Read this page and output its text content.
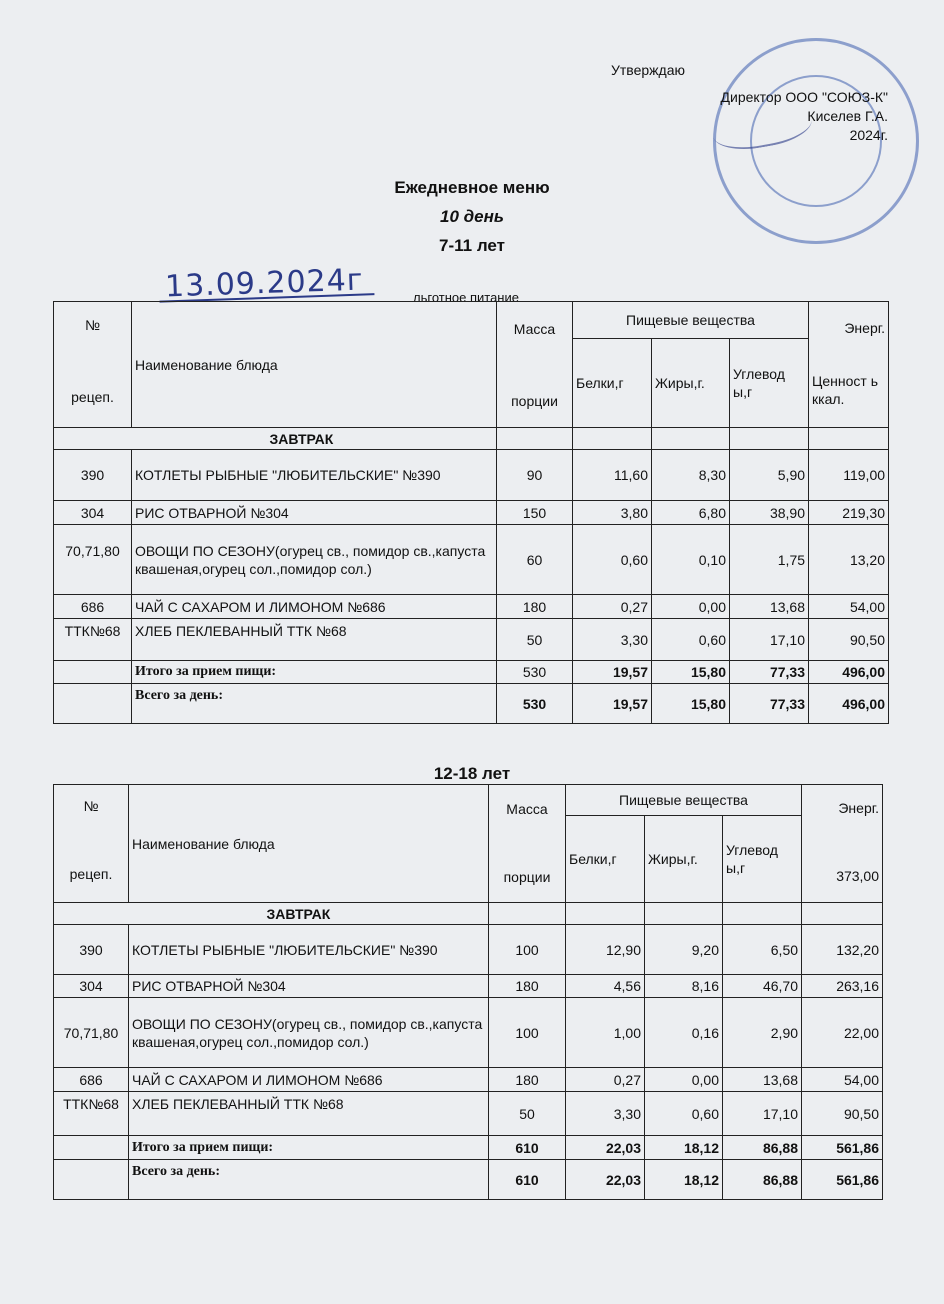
Утверждаю
Директор ООО "СОЮЗ-К"
Киселев Г.А.
2024г.
Ежедневное меню
10 день
7-11 лет
13.09.2024г	льготное питание
№
рецеп.	Наименование блюда	Масса
порции	Пищевые вещества			Энерг.
Ценност ь ккал.

			Белки,г	Жиры,г.	Углевод ы,г	
	ЗАВТРАК					
390	КОТЛЕТЫ РЫБНЫЕ "ЛЮБИТЕЛЬСКИЕ" №390	90	11,60	8,30	5,90	119,00
304	РИС ОТВАРНОЙ №304	150	3,80	6,80	38,90	219,30
70,71,80	ОВОЩИ ПО СЕЗОНУ(огурец св., помидор св.,капуста квашеная,огурец сол.,помидор сол.)	60	0,60	0,10	1,75	13,20
686	ЧАЙ С САХАРОМ И ЛИМОНОМ №686	180	0,27	0,00	13,68	54,00
ТТК№68	ХЛЕБ ПЕКЛЕВАННЫЙ ТТК №68	50	3,30	0,60	17,10	90,50
	Итого за прием пищи:	530	19,57	15,80	77,33	496,00
	Всего за день:	530	19,57	15,80	77,33	496,00
12-18 лет
№
рецеп.	Наименование блюда	Масса
порции	Пищевые вещества			Энерг.
373,00

			Белки,г	Жиры,г.	Углевод ы,г	
	ЗАВТРАК					
390	КОТЛЕТЫ РЫБНЫЕ "ЛЮБИТЕЛЬСКИЕ" №390	100	12,90	9,20	6,50	132,20
304	РИС ОТВАРНОЙ №304	180	4,56	8,16	46,70	263,16
70,71,80	ОВОЩИ ПО СЕЗОНУ(огурец св., помидор св.,капуста квашеная,огурец сол.,помидор сол.)	100	1,00	0,16	2,90	22,00
686	ЧАЙ С САХАРОМ И ЛИМОНОМ №686	180	0,27	0,00	13,68	54,00
ТТК№68	ХЛЕБ ПЕКЛЕВАННЫЙ ТТК №68	50	3,30	0,60	17,10	90,50
	Итого за прием пищи:	610	22,03	18,12	86,88	561,86
	Всего за день:	610	22,03	18,12	86,88	561,86
